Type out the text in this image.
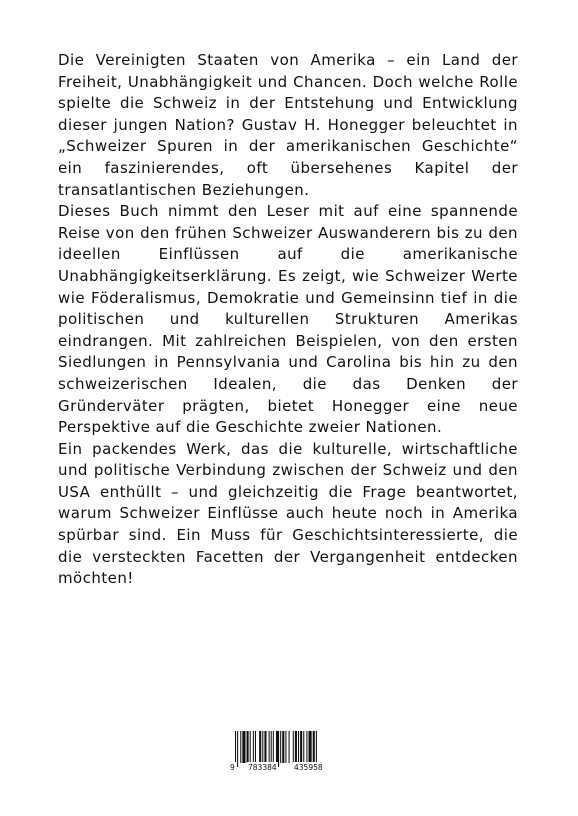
Die Vereinigten Staaten von Amerika – ein Land der Freiheit, Unabhängigkeit und Chancen. Doch welche Rolle spielte die Schweiz in der Entstehung und Entwicklung dieser jungen Nation? Gustav H. Honegger beleuchtet in „Schweizer Spuren in der amerikanischen Geschichte“ ein faszinierendes, oft übersehenes Kapitel der transatlantischen Beziehungen.

Dieses Buch nimmt den Leser mit auf eine spannende Reise von den frühen Schweizer Auswanderern bis zu den ideellen Einflüssen auf die amerikanische Unabhängigkeitserklärung. Es zeigt, wie Schweizer Werte wie Föderalismus, Demokratie und Gemeinsinn tief in die politischen und kulturellen Strukturen Amerikas eindrangen. Mit zahlreichen Beispielen, von den ersten Siedlungen in Pennsylvania und Carolina bis hin zu den schweizerischen Idealen, die das Denken der Gründerväter prägten, bietet Honegger eine neue Perspektive auf die Geschichte zweier Nationen.

Ein packendes Werk, das die kulturelle, wirtschaftliche und politische Verbindung zwischen der Schweiz und den USA enthüllt – und gleichzeitig die Frage beantwortet, warum Schweizer Einflüsse auch heute noch in Amerika spürbar sind. Ein Muss für Geschichtsinteressierte, die die versteckten Facetten der Vergangenheit entdecken möchten!

9 783384 435958
